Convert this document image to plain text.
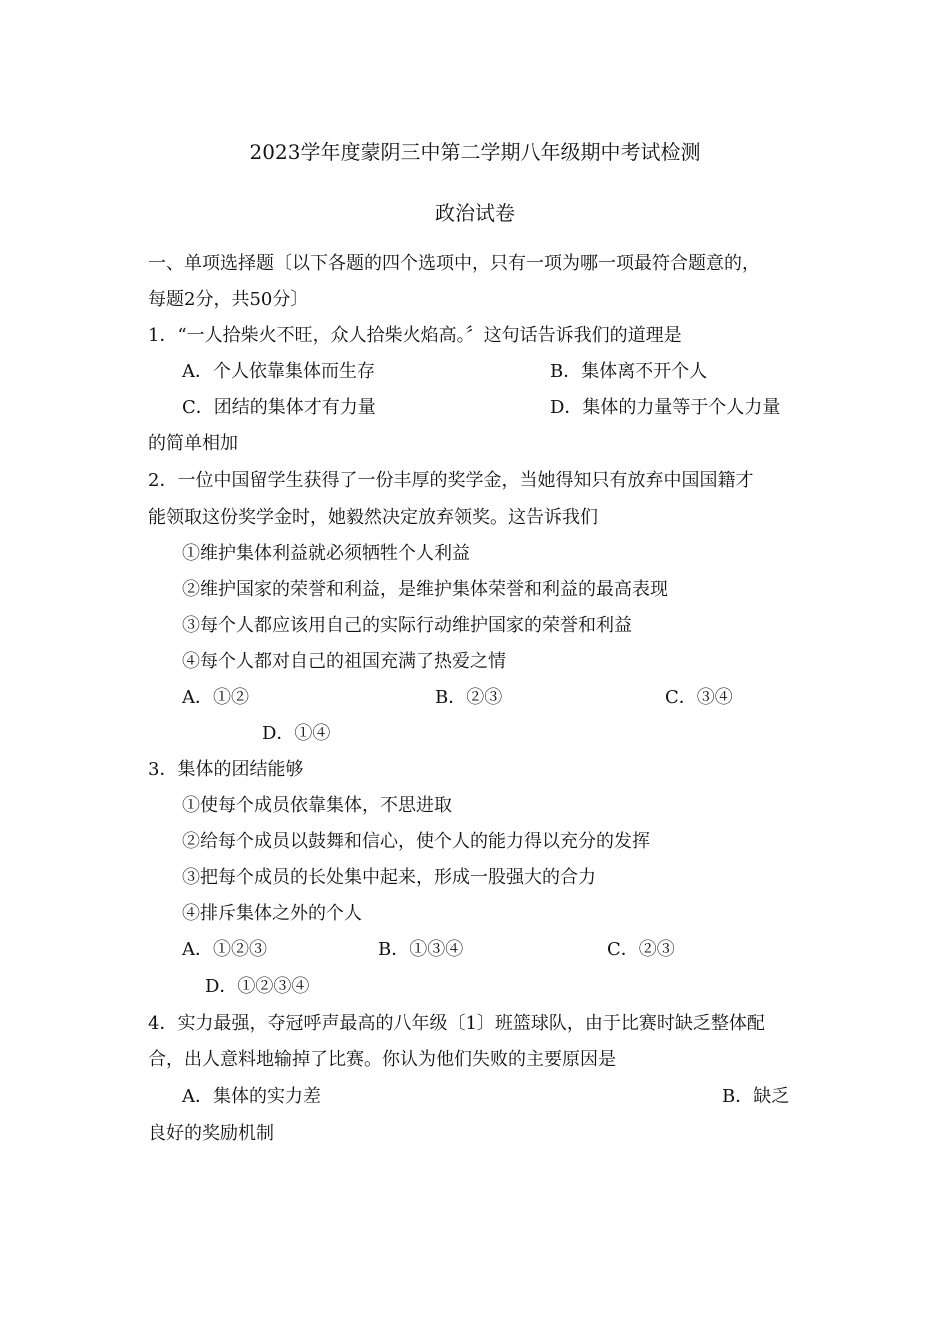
2023学年度蒙阴三中第二学期八年级期中考试检测
政治试卷
一、单项选择题〔以下各题的四个选项中，只有一项为哪一项最符合题意的，
每题2分，共50分〕
1．“一人拾柴火不旺，众人拾柴火焰高。〞这句话告诉我们的道理是
A．个人依靠集体而生存	B．集体离不开个人
C．团结的集体才有力量	D．集体的力量等于个人力量
的简单相加
2．一位中国留学生获得了一份丰厚的奖学金，当她得知只有放弃中国国籍才
能领取这份奖学金时，她毅然决定放弃领奖。这告诉我们
①维护集体利益就必须牺牲个人利益
②维护国家的荣誉和利益，是维护集体荣誉和利益的最高表现
③每个人都应该用自己的实际行动维护国家的荣誉和利益
④每个人都对自己的祖国充满了热爱之情
A．①②	B．②③	C．③④
D．①④
3．集体的团结能够
①使每个成员依靠集体，不思进取
②给每个成员以鼓舞和信心，使个人的能力得以充分的发挥
③把每个成员的长处集中起来，形成一股强大的合力
④排斥集体之外的个人
A．①②③	B．①③④	C．②③
D．①②③④
4．实力最强，夺冠呼声最高的八年级〔1〕班篮球队，由于比赛时缺乏整体配
合，出人意料地输掉了比赛。你认为他们失败的主要原因是
A．集体的实力差	B．缺乏
良好的奖励机制
